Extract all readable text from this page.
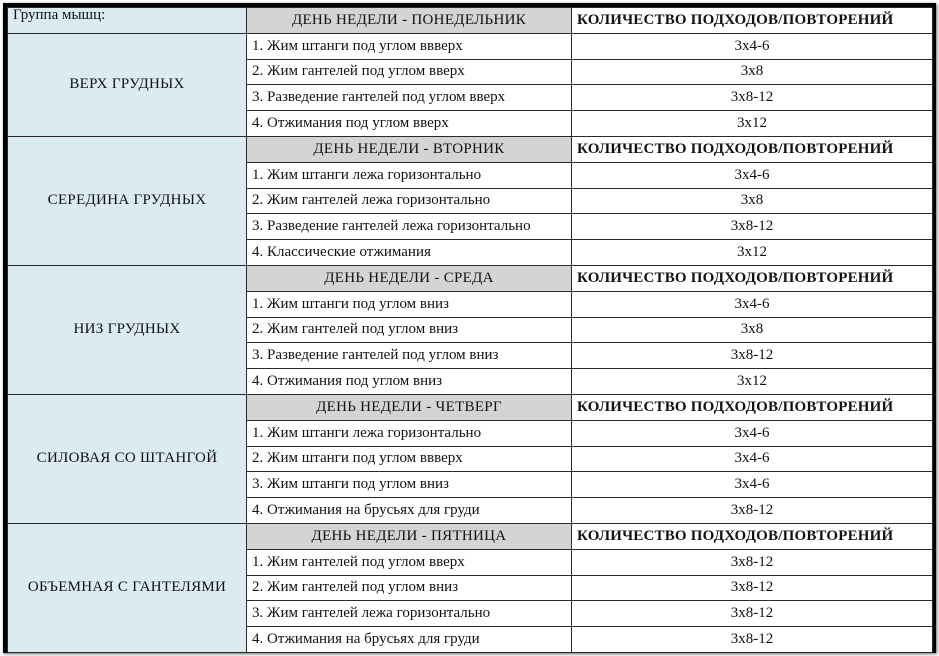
Группа мышц:	ДЕНЬ НЕДЕЛИ - ПОНЕДЕЛЬНИК	КОЛИЧЕСТВО ПОДХОДОВ/ПОВТОРЕНИЙ
ВЕРХ ГРУДНЫХ	1. Жим штанги под углом ввверх	3х4-6
	2. Жим гантелей под углом вверх	3х8
	3. Разведение гантелей под углом вверх	3х8-12
	4. Отжимания под углом вверх	3х12
СЕРЕДИНА ГРУДНЫХ	ДЕНЬ НЕДЕЛИ - ВТОРНИК	КОЛИЧЕСТВО ПОДХОДОВ/ПОВТОРЕНИЙ
	1. Жим штанги лежа горизонтально	3х4-6
	2. Жим гантелей лежа горизонтально	3х8
	3. Разведение гантелей лежа горизонтально	3х8-12
	4. Классические отжимания	3х12
НИЗ ГРУДНЫХ	ДЕНЬ НЕДЕЛИ - СРЕДА	КОЛИЧЕСТВО ПОДХОДОВ/ПОВТОРЕНИЙ
	1. Жим штанги под углом вниз	3х4-6
	2. Жим гантелей под углом вниз	3х8
	3. Разведение гантелей под углом вниз	3х8-12
	4. Отжимания под углом вниз	3х12
СИЛОВАЯ СО ШТАНГОЙ	ДЕНЬ НЕДЕЛИ - ЧЕТВЕРГ	КОЛИЧЕСТВО ПОДХОДОВ/ПОВТОРЕНИЙ
	1. Жим штанги лежа горизонтально	3х4-6
	2. Жим штанги под углом ввверх	3х4-6
	3. Жим штанги под углом вниз	3х4-6
	4. Отжимания на брусьях для груди	3х8-12
ОБЪЕМНАЯ С ГАНТЕЛЯМИ	ДЕНЬ НЕДЕЛИ - ПЯТНИЦА	КОЛИЧЕСТВО ПОДХОДОВ/ПОВТОРЕНИЙ
	1. Жим гантелей под углом вверх	3х8-12
	2. Жим гантелей под углом вниз	3х8-12
	3. Жим гантелей лежа горизонтально	3х8-12
	4. Отжимания на брусьях для груди	3х8-12
